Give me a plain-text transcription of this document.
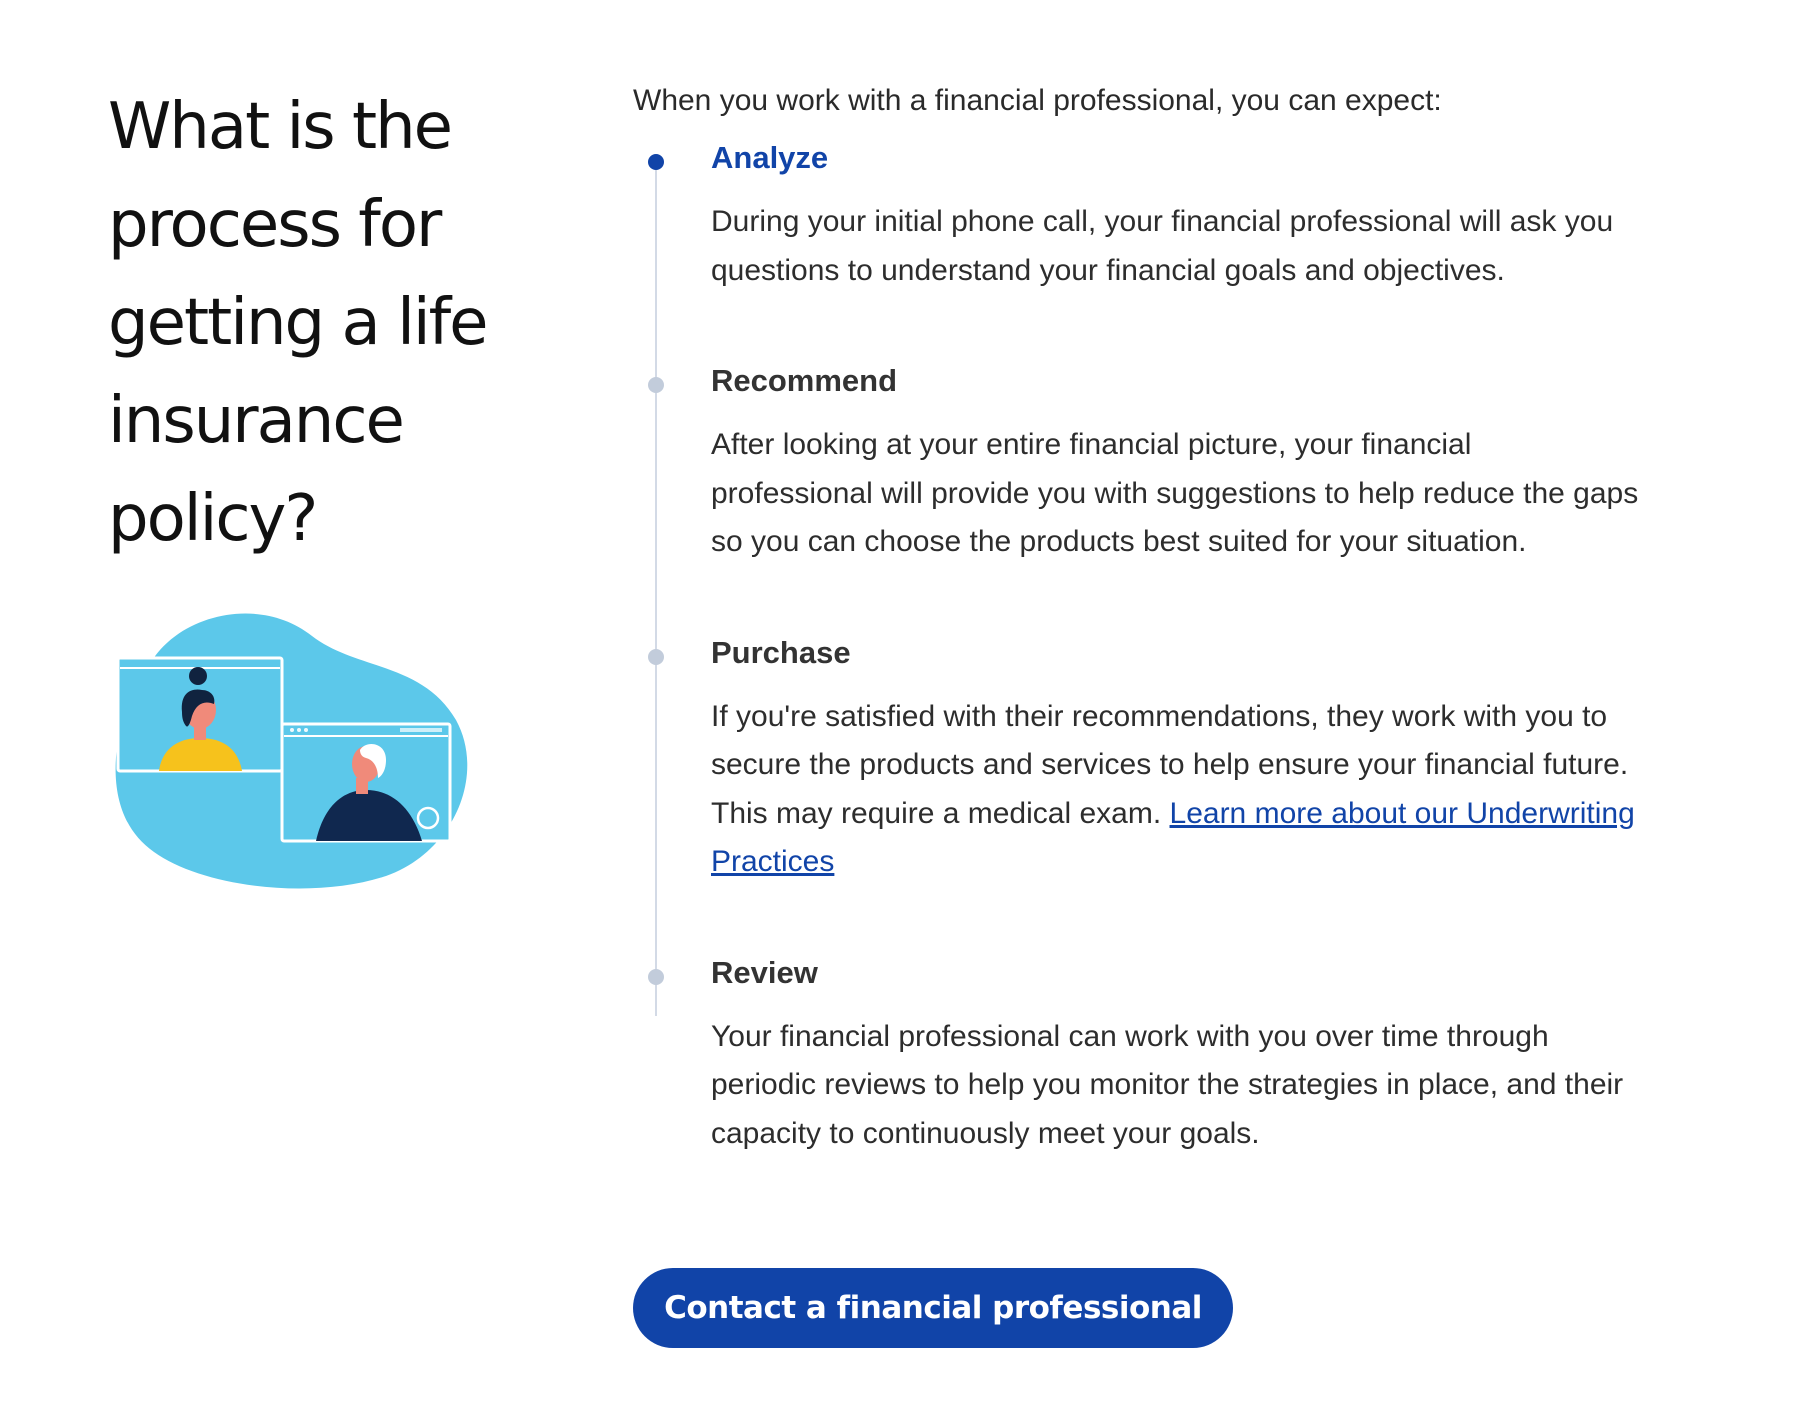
What is the
process for
getting a life
insurance
policy?

When you work with a financial professional, you can expect:

Analyze

During your initial phone call, your financial professional will ask you questions to understand your financial goals and objectives.

Recommend

After looking at your entire financial picture, your financial professional will provide you with suggestions to help reduce the gaps so you can choose the products best suited for your situation.

Purchase

If you're satisfied with their recommendations, they work with you to secure the products and services to help ensure your financial future. This may require a medical exam. Learn more about our Underwriting Practices

Review

Your financial professional can work with you over time through periodic reviews to help you monitor the strategies in place, and their capacity to continuously meet your goals.

Contact a financial professional
